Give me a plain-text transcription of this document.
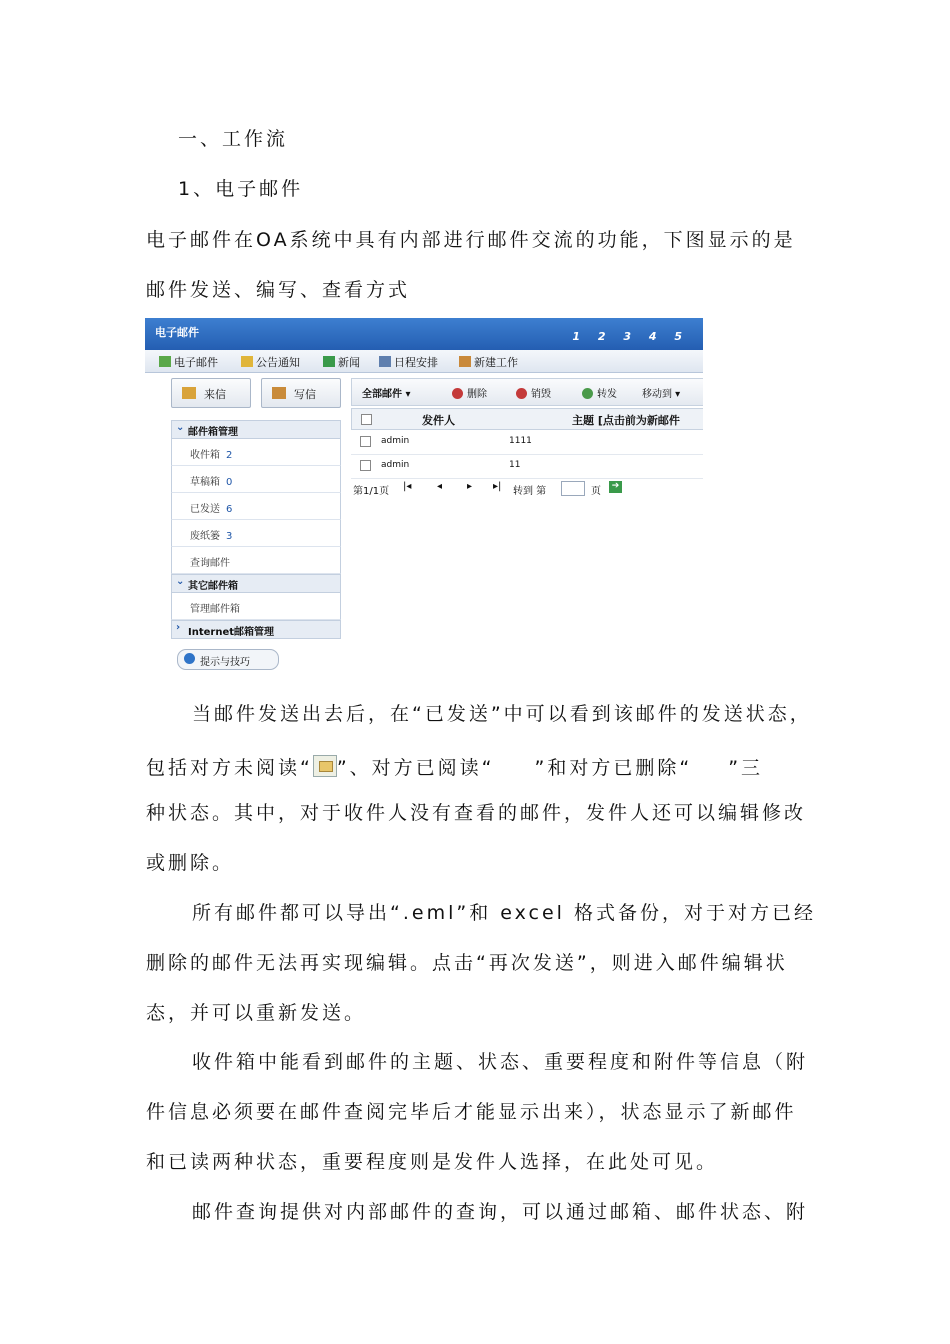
一、工作流
1、电子邮件
电子邮件在OA系统中具有内部进行邮件交流的功能，下图显示的是
邮件发送、编写、查看方式
电子邮件	1 2 3 4 5
电子邮件	公告通知	新闻	日程安排	新建工作
来信	写信
⌄ 邮件箱管理
收件箱 2
草稿箱 0
已发送 6
废纸篓 3
查询邮件
⌄ 其它邮件箱
管理邮件箱
› Internet邮箱管理
提示与技巧
全部邮件 ▾	删除	销毁	转发	移动到 ▾
发件人	主题 [点击前为新邮件
admin	1111
admin	11
第1/1页 |◂	◂ ▸ ▸| 转到 第	页	➔
当邮件发送出去后，在“已发送”中可以看到该邮件的发送状态，
包括对方未阅读“ ”、对方已阅读“ ”和对方已删除“ ”三
种状态。其中，对于收件人没有查看的邮件，发件人还可以编辑修改
或删除。
所有邮件都可以导出“.eml”和 excel 格式备份，对于对方已经
删除的邮件无法再实现编辑。点击“再次发送”，则进入邮件编辑状
态，并可以重新发送。
收件箱中能看到邮件的主题、状态、重要程度和附件等信息（附
件信息必须要在邮件查阅完毕后才能显示出来），状态显示了新邮件
和已读两种状态，重要程度则是发件人选择，在此处可见。
邮件查询提供对内部邮件的查询，可以通过邮箱、邮件状态、附
